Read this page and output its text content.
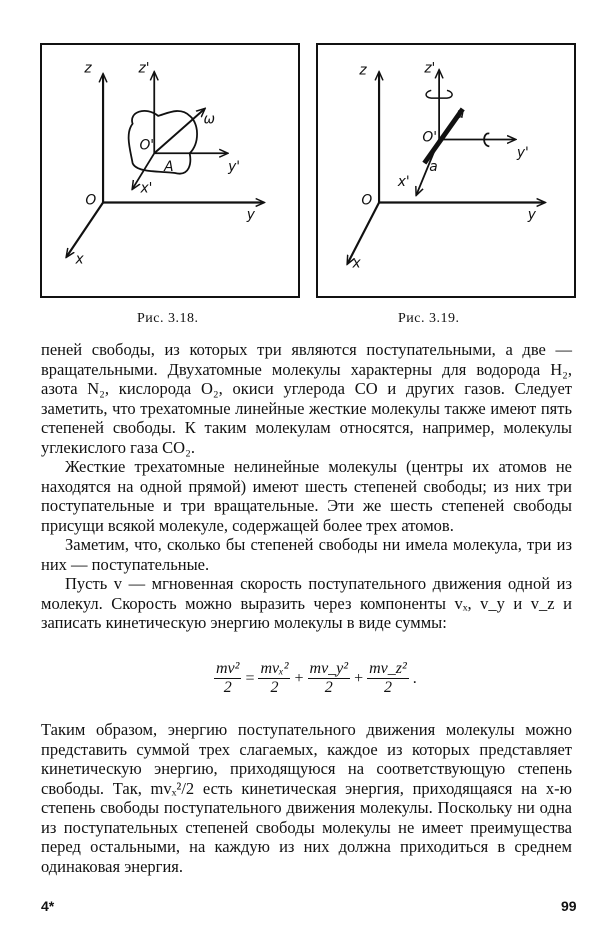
z	z'
O
O'
A
ω
y
y'
x
x'
z	z'
O
O'
a
a
y
y'
x
x'
Рис. 3.18.	Рис. 3.19.

пеней свободы, из которых три являются поступательными, а две — вращательными. Двухатомные молекулы характерны для водорода H₂, азота N₂, кислорода O₂, окиси углерода CO и других газов. Следует заметить, что трехатомные линейные жесткие молекулы также имеют пять степеней свободы. К таким молекулам относятся, например, молекулы углекислого газа CO₂.

Жесткие трехатомные нелинейные молекулы (центры их атомов не находятся на одной прямой) имеют шесть степеней свободы; из них три поступательные и три вращательные. Эти же шесть степеней свободы присущи всякой молекуле, содержащей более трех атомов.

Заметим, что, сколько бы степеней свободы ни имела молекула, три из них — поступательные.

Пусть v — мгновенная скорость поступательного движения одной из молекул. Скорость можно выразить через компоненты vₓ, v_y и v_z и записать кинетическую энергию молекулы в виде суммы:

$\frac{\text{mv²}}{2} = \frac{\text{mvₓ²}}{2} + \frac{\text{mv\_y²}}{2} + \frac{\text{mv\_z²}}{2}$ .

Таким образом, энергию поступательного движения молекулы можно представить суммой трех слагаемых, каждое из которых представляет кинетическую энергию, приходящуюся на соответствующую степень свободы. Так, mvₓ²/2 есть кинетическая энергия, приходящаяся на x-ю степень свободы поступательного движения молекулы. Поскольку ни одна из поступательных степеней свободы молекулы не имеет преимущества перед остальными, на каждую из них должна приходиться в среднем одинаковая энергия.

4*	99
